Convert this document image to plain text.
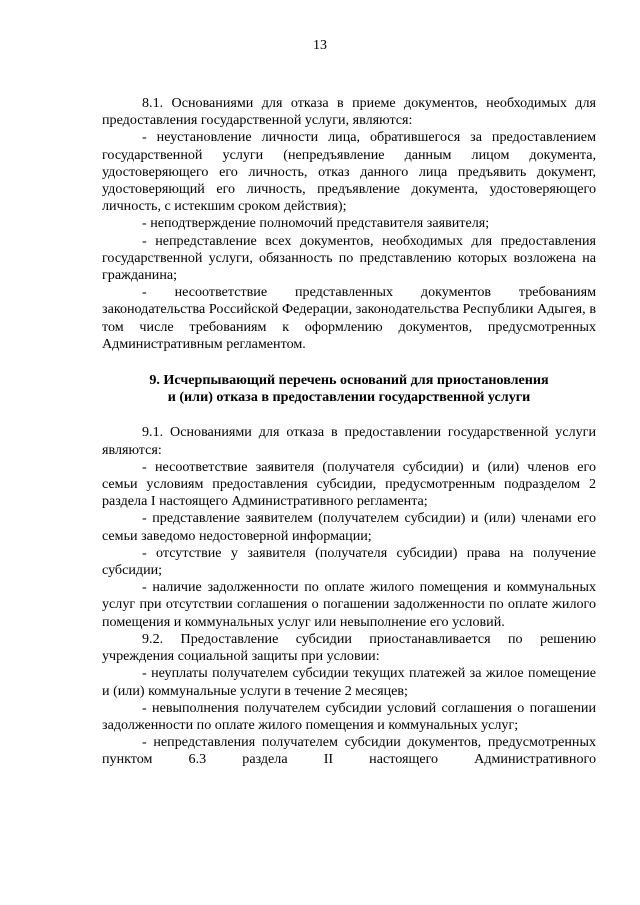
13

8.1. Основаниями для отказа в приеме документов, необходимых для предоставления государственной услуги, являются:

- неустановление личности лица, обратившегося за предоставлением государственной услуги (непредъявление данным лицом документа, удостоверяющего его личность, отказ данного лица предъявить документ, удостоверяющий его личность, предъявление документа, удостоверяющего личность, с истекшим сроком действия);

- неподтверждение полномочий представителя заявителя;

- непредставление всех документов, необходимых для предоставления государственной услуги, обязанность по представлению которых возложена на гражданина;

- несоответствие представленных документов требованиям законодательства Российской Федерации, законодательства Республики Адыгея, в том числе требованиям к оформлению документов, предусмотренных Административным регламентом.

9. Исчерпывающий перечень оснований для приостановления

и (или) отказа в предоставлении государственной услуги

9.1. Основаниями для отказа в предоставлении государственной услуги являются:

- несоответствие заявителя (получателя субсидии) и (или) членов его семьи условиям предоставления субсидии, предусмотренным подразделом 2 раздела I настоящего Административного регламента;

- представление заявителем (получателем субсидии) и (или) членами его семьи заведомо недостоверной информации;

- отсутствие у заявителя (получателя субсидии) права на получение субсидии;

- наличие задолженности по оплате жилого помещения и коммунальных услуг при отсутствии соглашения о погашении задолженности по оплате жилого помещения и коммунальных услуг или невыполнение его условий.

9.2. Предоставление субсидии приостанавливается по решению учреждения социальной защиты при условии:

- неуплаты получателем субсидии текущих платежей за жилое помещение и (или) коммунальные услуги в течение 2 месяцев;

- невыполнения получателем субсидии условий соглашения о погашении задолженности по оплате жилого помещения и коммунальных услуг;

- непредставления получателем субсидии документов, предусмотренных пунктом 6.3 раздела II настоящего Административного
